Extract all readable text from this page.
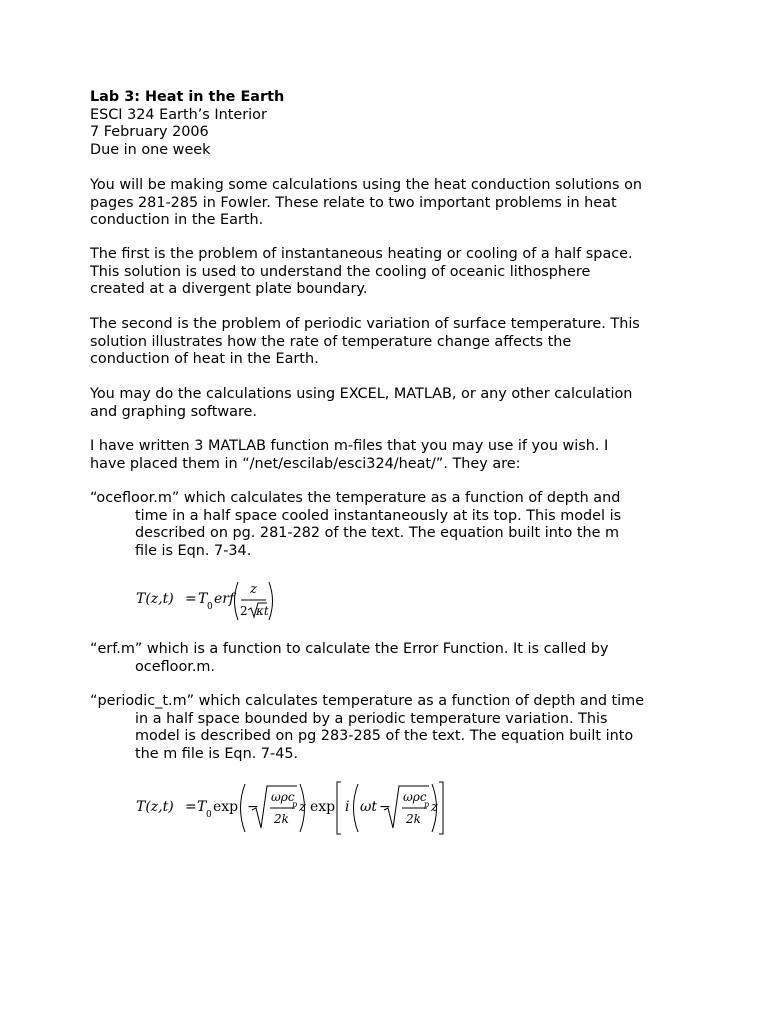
Lab 3: Heat in the Earth
ESCI 324 Earth’s Interior
7 February 2006
Due in one week
You will be making some calculations using the heat conduction solutions on
pages 281-285 in Fowler. These relate to two important problems in heat
conduction in the Earth.
The first is the problem of instantaneous heating or cooling of a half space.
This solution is used to understand the cooling of oceanic lithosphere
created at a divergent plate boundary.
The second is the problem of periodic variation of surface temperature. This
solution illustrates how the rate of temperature change affects the
conduction of heat in the Earth.
You may do the calculations using EXCEL, MATLAB, or any other calculation
and graphing software.
I have written 3 MATLAB function m-files that you may use if you wish. I
have placed them in “/net/escilab/esci324/heat/”. They are:
“ocefloor.m” which calculates the temperature as a function of depth and
time in a half space cooled instantaneously at its top. This model is
described on pg. 281-282 of the text. The equation built into the m
file is Eqn. 7-34.
T(z,t) = T 0 erf
z
2 κt
“erf.m” which is a function to calculate the Error Function. It is called by
ocefloor.m.
“periodic_t.m” which calculates temperature as a function of depth and time
in a half space bounded by a periodic temperature variation. This
model is described on pg 283-285 of the text. The equation built into
the m file is Eqn. 7-45.
T(z,t) = T 0 exp −
ωρc
p
2k
z exp i ωt −
ωρc
p
2k
z
